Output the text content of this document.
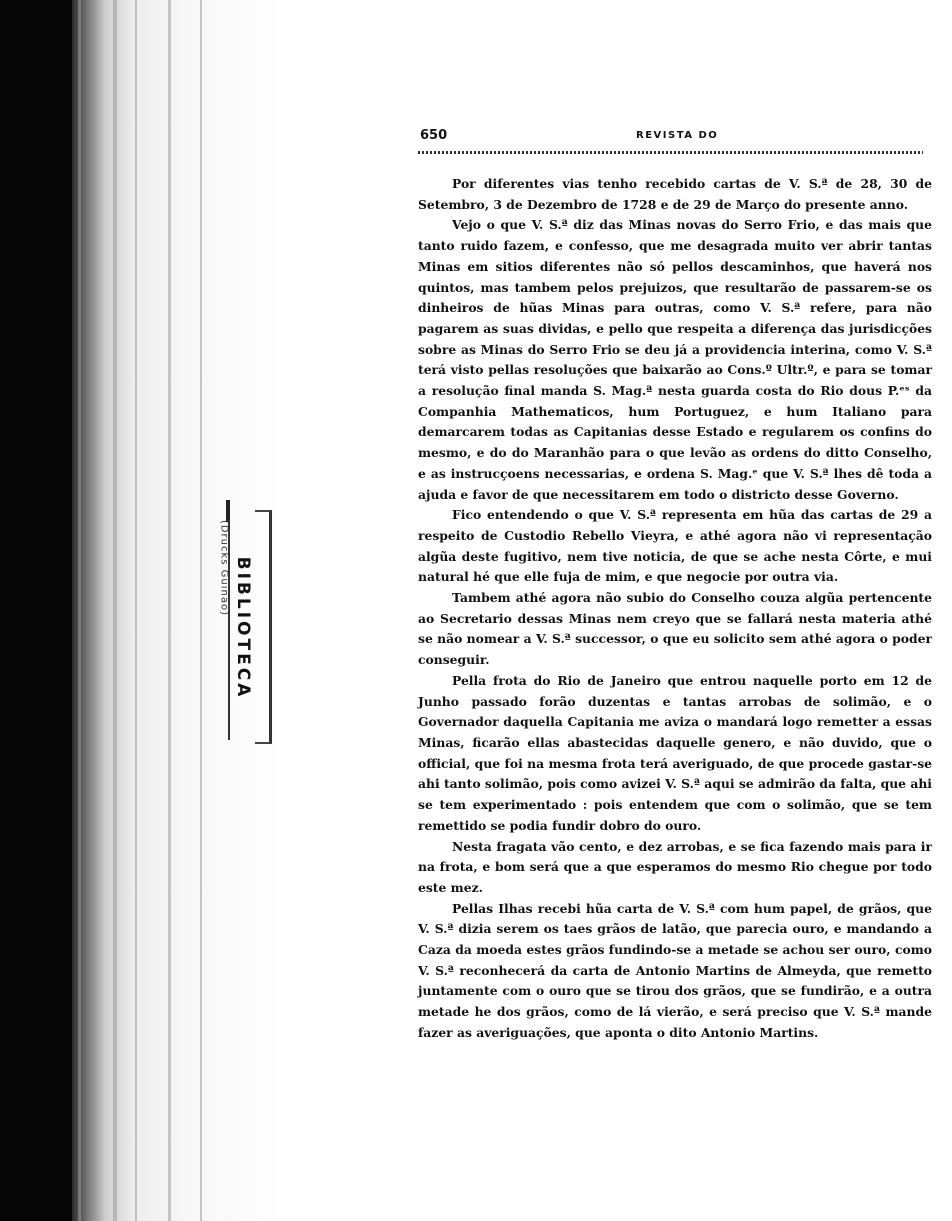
BIBLIOTECA
(Drucks Guinão)
650	REVISTA DO

Por diferentes vias tenho recebido cartas de V. S.ª de 28, 30 de Setembro, 3 de Dezembro de 1728 e de 29 de Março do presente anno.

Vejo o que V. S.ª diz das Minas novas do Serro Frio, e das mais que tanto ruido fazem, e confesso, que me desagrada muito ver abrir tantas Minas em sitios diferentes não só pellos descaminhos, que haverá nos quintos, mas tambem pelos prejuizos, que resultarão de passarem-se os dinheiros de hũas Minas para outras, como V. S.ª refere, para não pagarem as suas dividas, e pello que respeita a diferença das jurisdicções sobre as Minas do Serro Frio se deu já a providencia interina, como V. S.ª terá visto pellas resoluções que baixarão ao Cons.º Ultr.º, e para se tomar a resolução final manda S. Mag.ª nesta guarda costa do Rio dous P.ᵉˢ da Companhia Mathematicos, hum Portuguez, e hum Italiano para demarcarem todas as Capitanias desse Estado e regularem os confins do mesmo, e do do Maranhão para o que levão as ordens do ditto Conselho, e as instrucçoens necessarias, e ordena S. Mag.ᵉ que V. S.ª lhes dê toda a ajuda e favor de que necessitarem em todo o districto desse Governo.

Fico entendendo o que V. S.ª representa em hũa das cartas de 29 a respeito de Custodio Rebello Vieyra, e athé agora não vi representação algũa deste fugitivo, nem tive noticia, de que se ache nesta Côrte, e mui natural hé que elle fuja de mim, e que negocie por outra via.

Tambem athé agora não subio do Conselho couza algũa pertencente ao Secretario dessas Minas nem creyo que se fallará nesta materia athé se não nomear a V. S.ª successor, o que eu solicito sem athé agora o poder conseguir.

Pella frota do Rio de Janeiro que entrou naquelle porto em 12 de Junho passado forão duzentas e tantas arrobas de solimão, e o Governador daquella Capitania me aviza o mandará logo remetter a essas Minas, ficarão ellas abastecidas daquelle genero, e não duvido, que o official, que foi na mesma frota terá averiguado, de que procede gastar-se ahi tanto solimão, pois como avizei V. S.ª aqui se admirão da falta, que ahi se tem experimentado : pois entendem que com o solimão, que se tem remettido se podia fundir dobro do ouro.

Nesta fragata vão cento, e dez arrobas, e se fica fazendo mais para ir na frota, e bom será que a que esperamos do mesmo Rio chegue por todo este mez.

Pellas Ilhas recebi hũa carta de V. S.ª com hum papel, de grãos, que V. S.ª dizia serem os taes grãos de latão, que parecia ouro, e mandando a Caza da moeda estes grãos fundindo-se a metade se achou ser ouro, como V. S.ª reconhecerá da carta de Antonio Martins de Almeyda, que remetto juntamente com o ouro que se tirou dos grãos, que se fundirão, e a outra metade he dos grãos, como de lá vierão, e será preciso que V. S.ª mande fazer as averiguações, que aponta o dito Antonio Martins.
